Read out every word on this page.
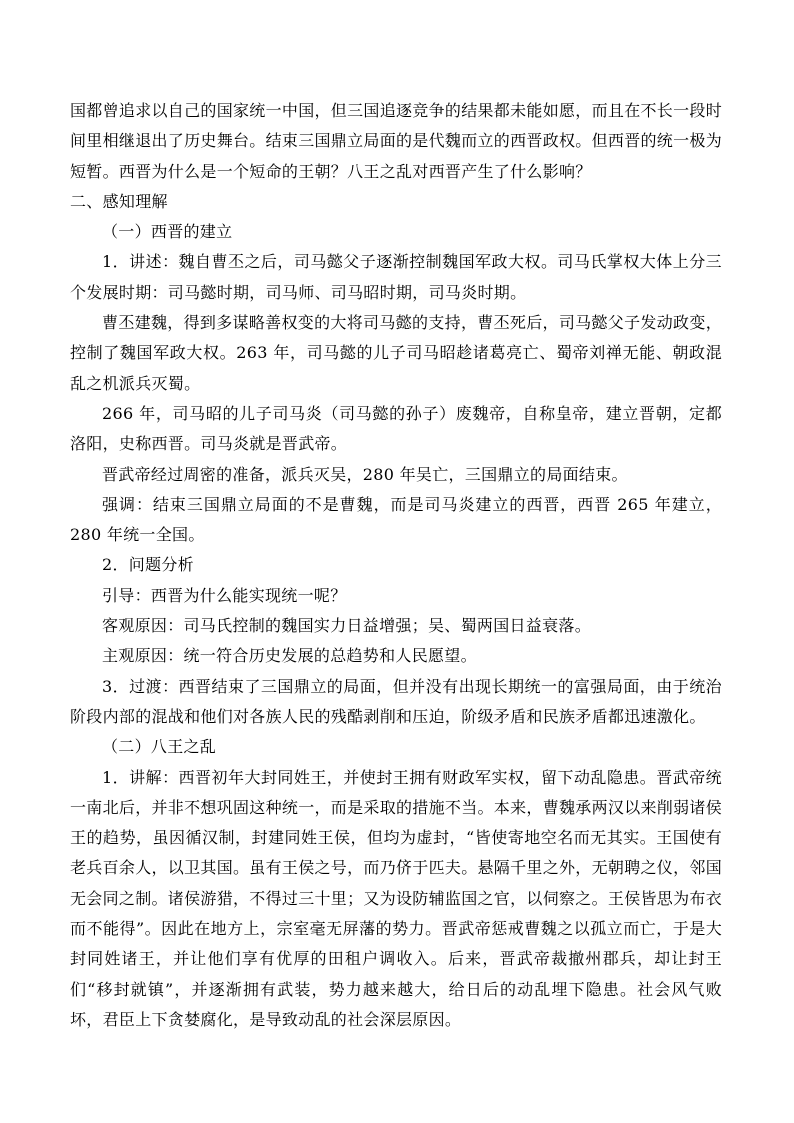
国都曾追求以自己的国家统一中国，但三国追逐竞争的结果都未能如愿，而且在不长一段时间里相继退出了历史舞台。结束三国鼎立局面的是代魏而立的西晋政权。但西晋的统一极为短暂。西晋为什么是一个短命的王朝？八王之乱对西晋产生了什么影响？

二、感知理解

（一）西晋的建立

1．讲述：魏自曹丕之后，司马懿父子逐渐控制魏国军政大权。司马氏掌权大体上分三个发展时期：司马懿时期，司马师、司马昭时期，司马炎时期。

曹丕建魏，得到多谋略善权变的大将司马懿的支持，曹丕死后，司马懿父子发动政变，控制了魏国军政大权。263 年，司马懿的儿子司马昭趁诸葛亮亡、蜀帝刘禅无能、朝政混乱之机派兵灭蜀。

266 年，司马昭的儿子司马炎（司马懿的孙子）废魏帝，自称皇帝，建立晋朝，定都洛阳，史称西晋。司马炎就是晋武帝。

晋武帝经过周密的准备，派兵灭吴，280 年吴亡，三国鼎立的局面结束。

强调：结束三国鼎立局面的不是曹魏，而是司马炎建立的西晋，西晋 265 年建立，280 年统一全国。

2．问题分析

引导：西晋为什么能实现统一呢？

客观原因：司马氏控制的魏国实力日益增强；吴、蜀两国日益衰落。

主观原因：统一符合历史发展的总趋势和人民愿望。

3．过渡：西晋结束了三国鼎立的局面，但并没有出现长期统一的富强局面，由于统治阶段内部的混战和他们对各族人民的残酷剥削和压迫，阶级矛盾和民族矛盾都迅速激化。

（二）八王之乱

1．讲解：西晋初年大封同姓王，并使封王拥有财政军实权，留下动乱隐患。晋武帝统一南北后，并非不想巩固这种统一，而是采取的措施不当。本来，曹魏承两汉以来削弱诸侯王的趋势，虽因循汉制，封建同姓王侯，但均为虚封，“皆使寄地空名而无其实。王国使有老兵百余人，以卫其国。虽有王侯之号，而乃侪于匹夫。悬隔千里之外，无朝聘之仪，邻国无会同之制。诸侯游猎，不得过三十里；又为设防辅监国之官，以伺察之。王侯皆思为布衣而不能得”。因此在地方上，宗室毫无屏藩的势力。晋武帝惩戒曹魏之以孤立而亡，于是大封同姓诸王，并让他们享有优厚的田租户调收入。后来，晋武帝裁撤州郡兵，却让封王们“移封就镇”，并逐渐拥有武装，势力越来越大，给日后的动乱埋下隐患。社会风气败坏，君臣上下贪婪腐化，是导致动乱的社会深层原因。
